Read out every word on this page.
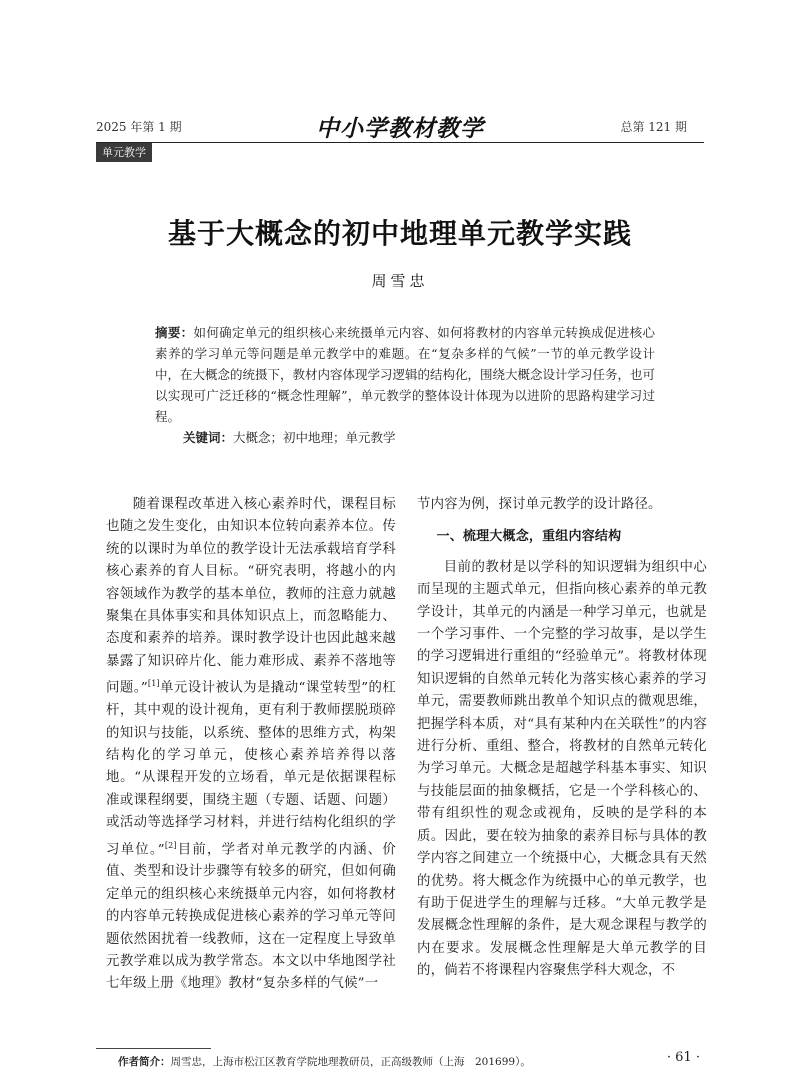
2025 年第 1 期	中小学教材教学	总第 121 期
单元教学
基于大概念的初中地理单元教学实践
周雪忠
摘要：如何确定单元的组织核心来统摄单元内容、如何将教材的内容单元转换成促进核心素养的学习单元等问题是单元教学中的难题。在“复杂多样的气候”一节的单元教学设计中，在大概念的统摄下，教材内容体现学习逻辑的结构化，围绕大概念设计学习任务，也可以实现可广泛迁移的“概念性理解”，单元教学的整体设计体现为以进阶的思路构建学习过程。
关键词：大概念；初中地理；单元教学

随着课程改革进入核心素养时代，课程目标也随之发生变化，由知识本位转向素养本位。传统的以课时为单位的教学设计无法承载培育学科核心素养的育人目标。“研究表明，将越小的内容领域作为教学的基本单位，教师的注意力就越聚集在具体事实和具体知识点上，而忽略能力、态度和素养的培养。课时教学设计也因此越来越暴露了知识碎片化、能力难形成、素养不落地等问题。”[1]单元设计被认为是撬动“课堂转型”的杠杆，其中观的设计视角，更有利于教师摆脱琐碎的知识与技能，以系统、整体的思维方式，构架结构化的学习单元，使核心素养培养得以落地。“从课程开发的立场看，单元是依据课程标准或课程纲要，围绕主题（专题、话题、问题）或活动等选择学习材料，并进行结构化组织的学习单位。”[2]目前，学者对单元教学的内涵、价值、类型和设计步骤等有较多的研究，但如何确定单元的组织核心来统摄单元内容，如何将教材的内容单元转换成促进核心素养的学习单元等问题依然困扰着一线教师，这在一定程度上导致单元教学难以成为教学常态。本文以中华地图学社七年级上册《地理》教材“复杂多样的气候”一

节内容为例，探讨单元教学的设计路径。

一、梳理大概念，重组内容结构

目前的教材是以学科的知识逻辑为组织中心而呈现的主题式单元，但指向核心素养的单元教学设计，其单元的内涵是一种学习单元，也就是一个学习事件、一个完整的学习故事，是以学生的学习逻辑进行重组的“经验单元”。将教材体现知识逻辑的自然单元转化为落实核心素养的学习单元，需要教师跳出教单个知识点的微观思维，把握学科本质，对“具有某种内在关联性”的内容进行分析、重组、整合，将教材的自然单元转化为学习单元。大概念是超越学科基本事实、知识与技能层面的抽象概括，它是一个学科核心的、带有组织性的观念或视角，反映的是学科的本质。因此，要在较为抽象的素养目标与具体的教学内容之间建立一个统摄中心，大概念具有天然的优势。将大概念作为统摄中心的单元教学，也有助于促进学生的理解与迁移。“大单元教学是发展概念性理解的条件，是大观念课程与教学的内在要求。发展概念性理解是大单元教学的目的，倘若不将课程内容聚焦学科大观念，不

作者简介：周雪忠，上海市松江区教育学院地理教研员，正高级教师（上海　201699）。	· 61 ·
